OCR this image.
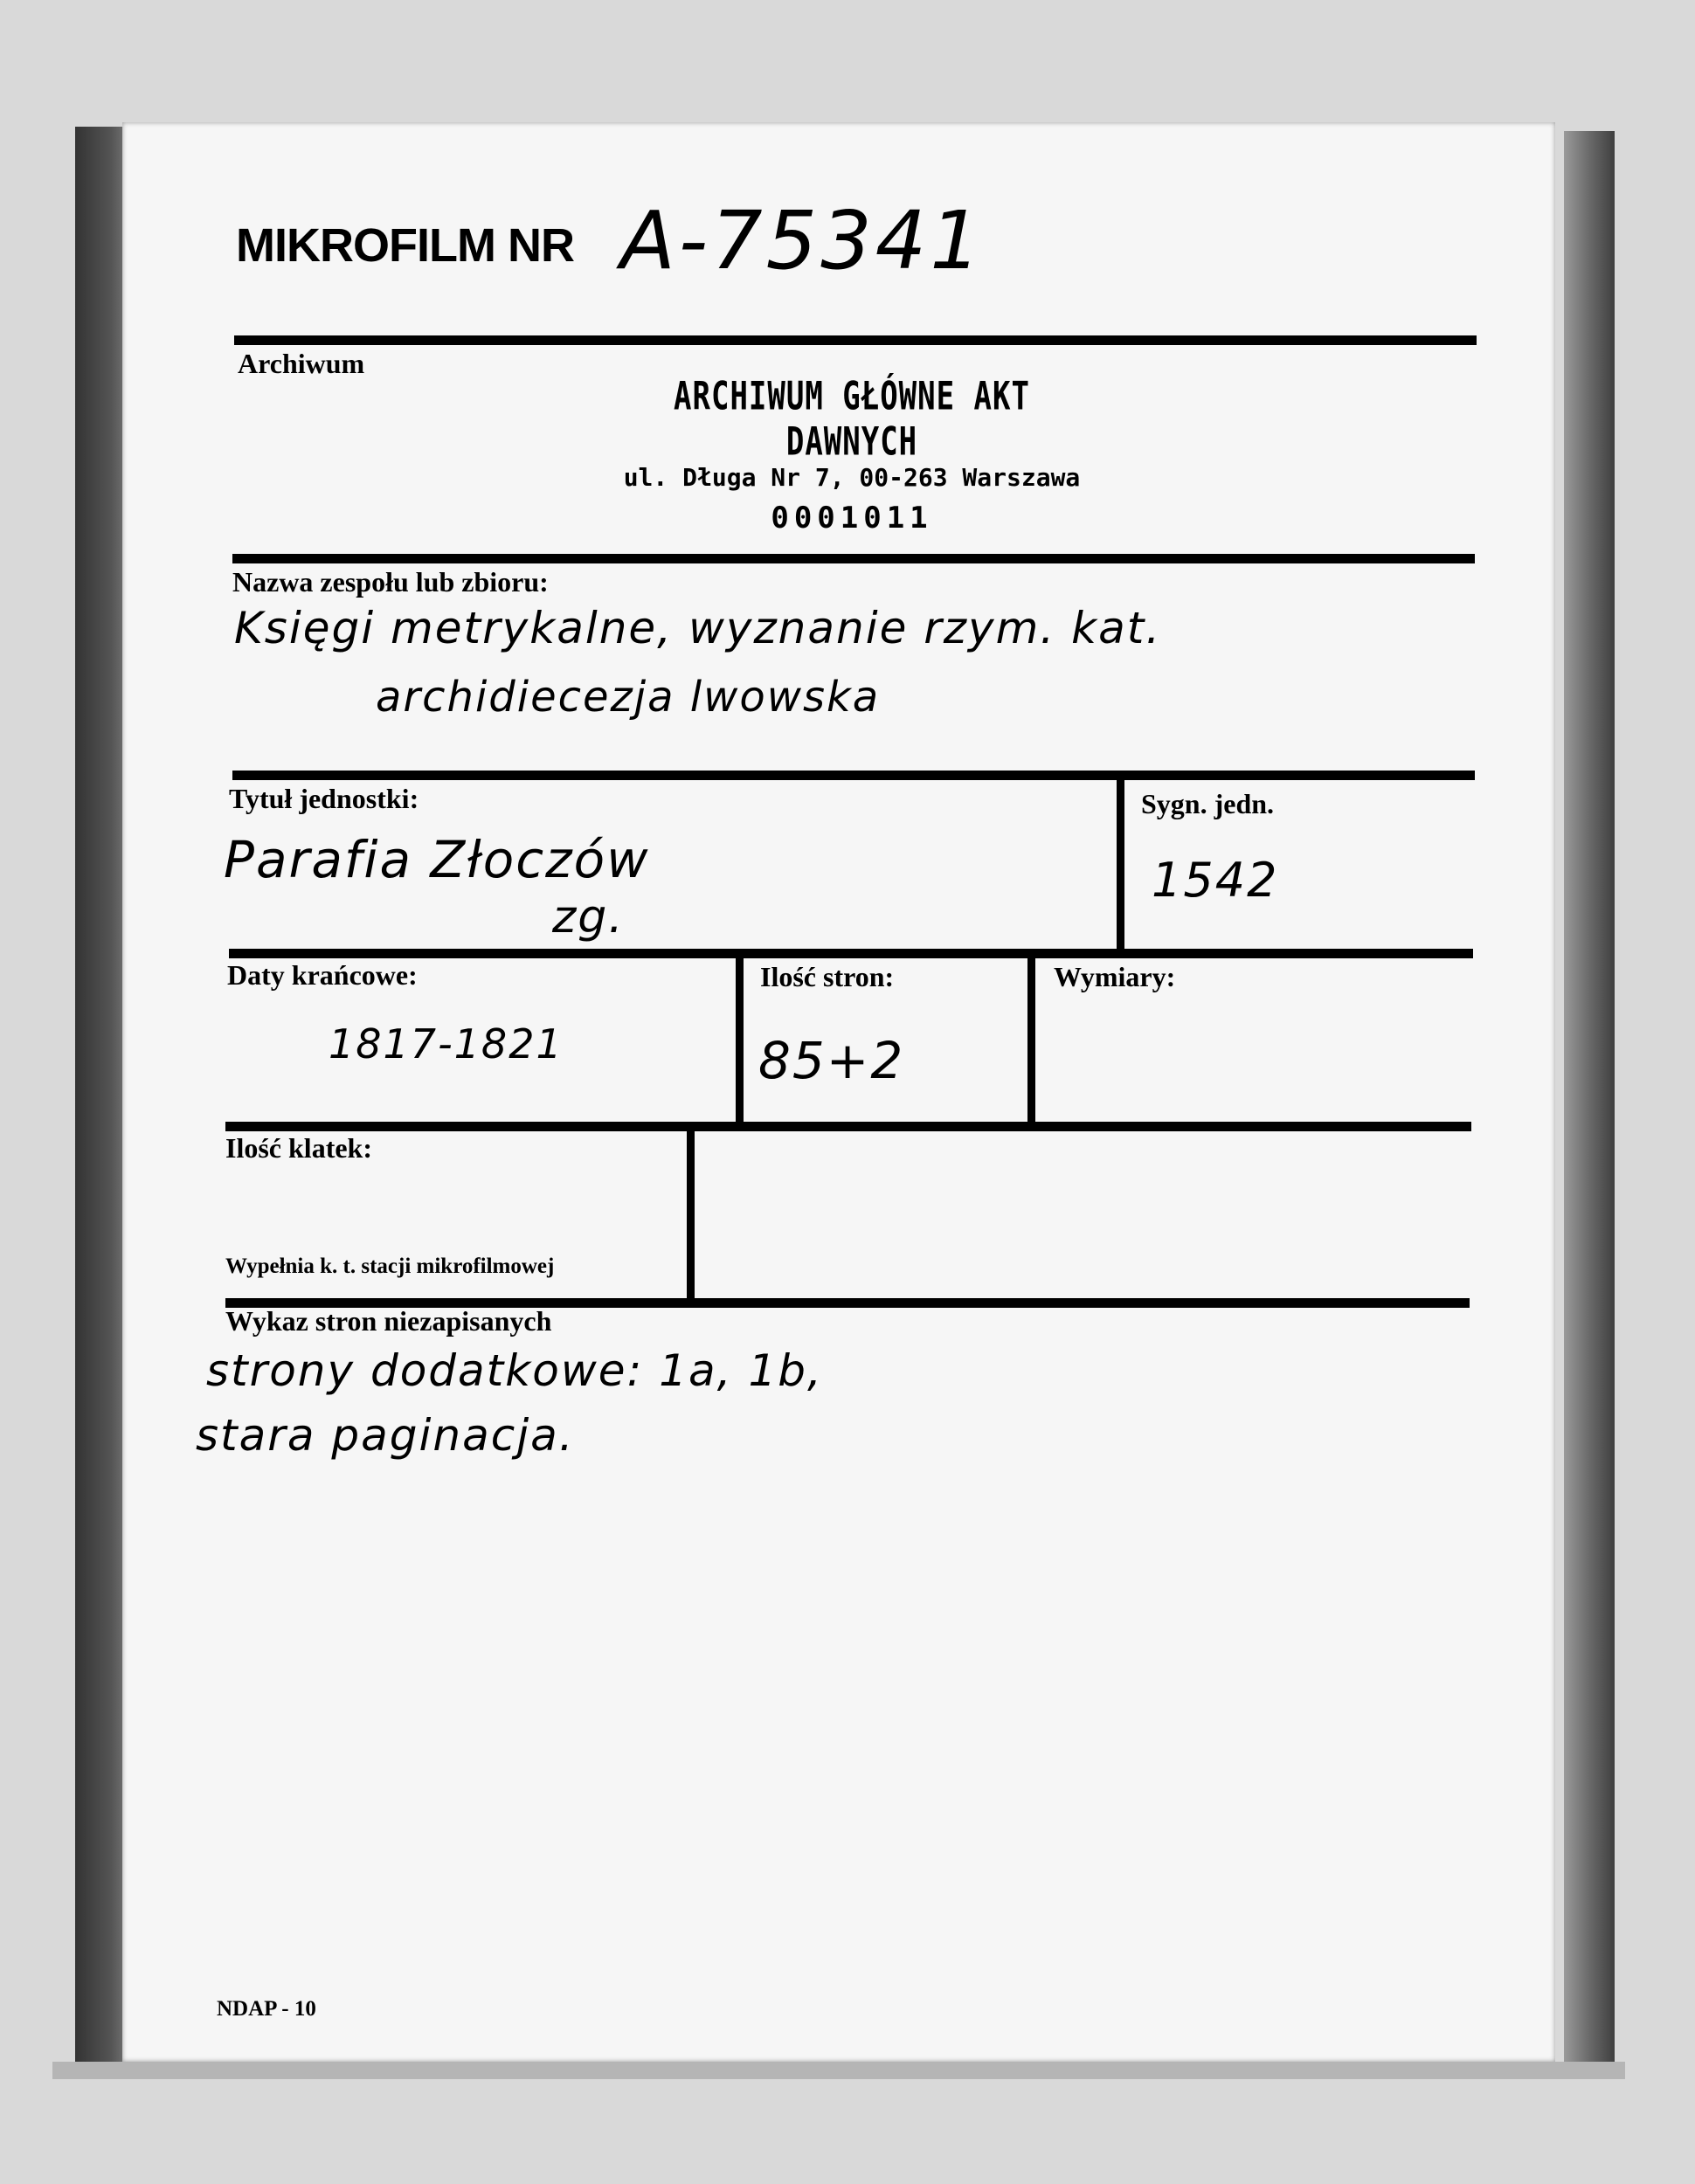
MIKROFILM NR A-75341
Archiwum
ARCHIWUM GŁÓWNE AKT DAWNYCH
ul. Długa Nr 7, 00-263 Warszawa
0001011
Nazwa zespołu lub zbioru:
Księgi metrykalne, wyznanie rzym. kat.
archidiecezja lwowska
Tytuł jednostki:
Parafia Złoczów
zg.
Sygn. jedn.
1542
Daty krańcowe:
1817-1821
Ilość stron:
85+2
Wymiary:
Ilość klatek:
Wypełnia k. t. stacji mikrofilmowej
Wykaz stron niezapisanych
strony dodatkowe: 1a, 1b,
stara paginacja.
NDAP - 10
